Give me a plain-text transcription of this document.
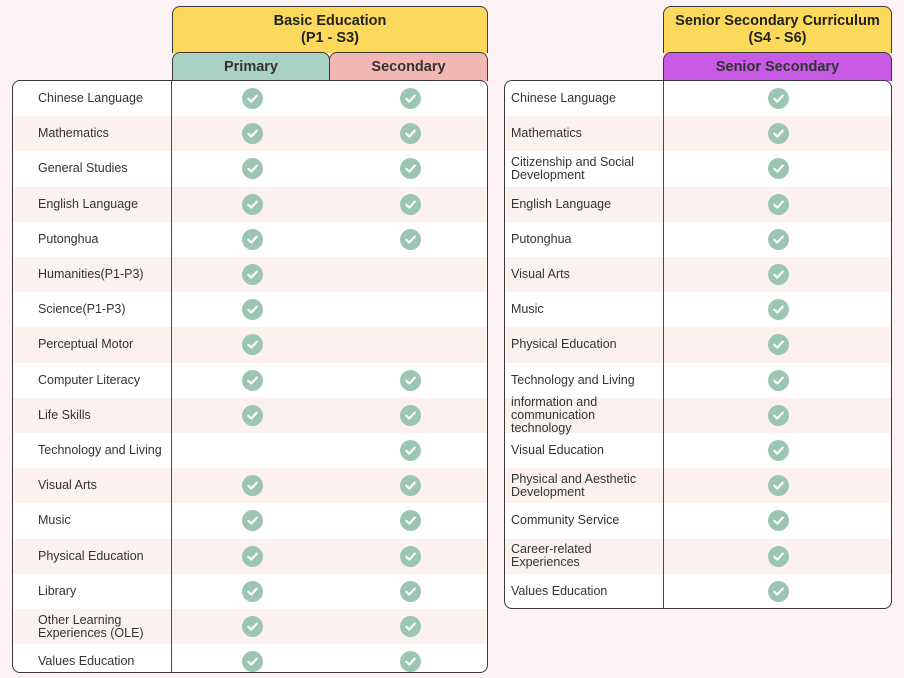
Basic Education
(P1 - S3)
Primary	Secondary
Chinese Language
Mathematics
General Studies
English Language
Putonghua
Humanities(P1-P3)
Science(P1-P3)
Perceptual Motor
Computer Literacy
Life Skills
Technology and Living
Visual Arts
Music
Physical Education
Library
Other Learning Experiences (OLE)
Values Education
Senior Secondary Curriculum
(S4 - S6)
Senior Secondary
Chinese Language
Mathematics
Citizenship and Social Development
English Language
Putonghua
Visual Arts
Music
Physical Education
Technology and Living
information and communication technology
Visual Education
Physical and Aesthetic Development
Community Service
Career-related Experiences
Values Education
